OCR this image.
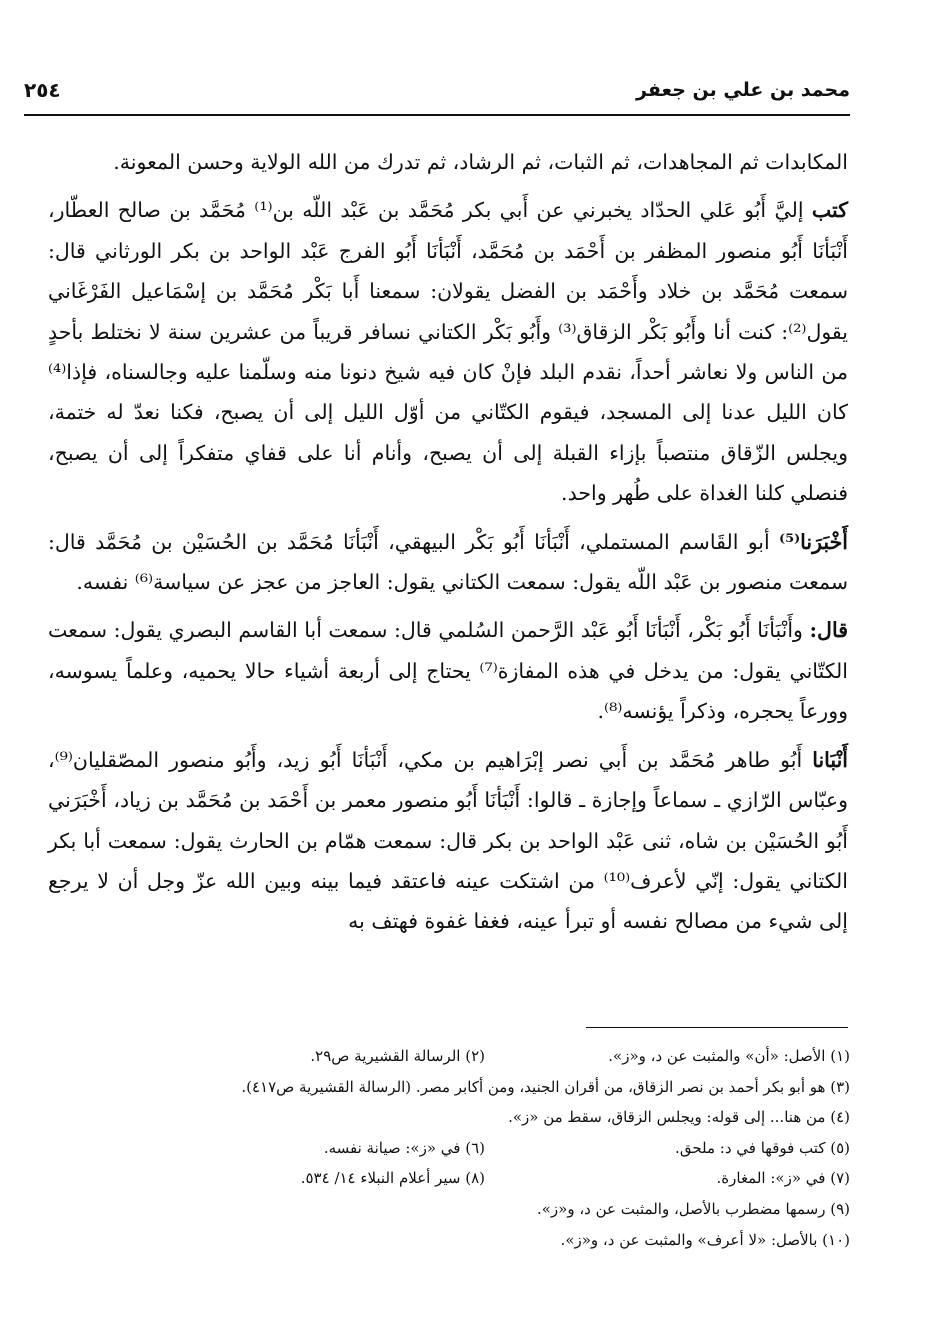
محمد بن علي بن جعفر
٢٥٤

المكابدات ثم المجاهدات، ثم الثبات، ثم الرشاد، ثم تدرك من الله الولاية وحسن المعونة.

كتب إليَّ أَبُو عَلي الحدّاد يخبرني عن أَبي بكر مُحَمَّد بن عَبْد اللّه بن⁽¹⁾ مُحَمَّد بن صالح العطّار، أَنْبَأنَا أَبُو منصور المظفر بن أَحْمَد بن مُحَمَّد، أَنْبَأنَا أَبُو الفرج عَبْد الواحد بن بكر الورثاني قال: سمعت مُحَمَّد بن خلاد وأَحْمَد بن الفضل يقولان: سمعنا أَبا بَكْر مُحَمَّد بن إسْمَاعيل الفَرْغَاني يقول⁽²⁾: كنت أنا وأَبُو بَكْر الزقاق⁽³⁾ وأَبُو بَكْر الكتاني نسافر قريباً من عشرين سنة لا نختلط بأحدٍ من الناس ولا نعاشر أحداً، نقدم البلد فإنْ كان فيه شيخ دنونا منه وسلّمنا عليه وجالسناه، فإذا⁽⁴⁾ كان الليل عدنا إلى المسجد، فيقوم الكتّاني من أوّل الليل إلى أن يصبح، فكنا نعدّ له ختمة، ويجلس الزّقاق منتصباً بإزاء القبلة إلى أن يصبح، وأنام أنا على قفاي متفكراً إلى أن يصبح، فنصلي كلنا الغداة على طُهر واحد.

أَخْبَرَنا⁽⁵⁾ أبو القَاسم المستملي، أَنْبَأنَا أَبُو بَكْر البيهقي، أَنْبَأنَا مُحَمَّد بن الحُسَيْن بن مُحَمَّد قال: سمعت منصور بن عَبْد اللّه يقول: سمعت الكتاني يقول: العاجز من عجز عن سياسة⁽⁶⁾ نفسه.

قال: وأَنْبَأنَا أَبُو بَكْر، أَنْبَأنَا أَبُو عَبْد الرَّحمن السُلمي قال: سمعت أبا القاسم البصري يقول: سمعت الكتّاني يقول: من يدخل في هذه المفازة⁽⁷⁾ يحتاج إلى أربعة أشياء حالا يحميه، وعلماً يسوسه، وورعاً يحجره، وذكراً يؤنسه⁽⁸⁾.

أَنْبَانا أَبُو طاهر مُحَمَّد بن أَبي نصر إبْرَاهيم بن مكي، أَنْبَأنَا أَبُو زيد، وأَبُو منصور المصّقليان⁽⁹⁾، وعبّاس الرّازي ـ سماعاً وإجازة ـ قالوا: أَنْبَأنَا أَبُو منصور معمر بن أَحْمَد بن مُحَمَّد بن زياد، أَخْبَرَني أَبُو الحُسَيْن بن شاه، ثنى عَبْد الواحد بن بكر قال: سمعت همّام بن الحارث يقول: سمعت أبا بكر الكتاني يقول: إنّي لأعرف⁽¹⁰⁾ من اشتكت عينه فاعتقد فيما بينه وبين الله عزّ وجل أن لا يرجع إلى شيء من مصالح نفسه أو تبرأ عينه، فغفا غفوة فهتف به

(١) الأصل: «أن» والمثبت عن د، و«ز».
(٢) الرسالة القشيرية ص٢٩.
(٣) هو أبو بكر أحمد بن نصر الزقاق، من أقران الجنيد، ومن أكابر مصر. (الرسالة القشيرية ص٤١٧).
(٤) من هنا... إلى قوله: ويجلس الزقاق، سقط من «ز».
(٥) كتب فوقها في د: ملحق.
(٦) في «ز»: صيانة نفسه.
(٧) في «ز»: المغارة.
(٨) سير أعلام النبلاء ١٤/ ٥٣٤.
(٩) رسمها مضطرب بالأصل، والمثبت عن د، و«ز».
(١٠) بالأصل: «لا أعرف» والمثبت عن د، و«ز».
